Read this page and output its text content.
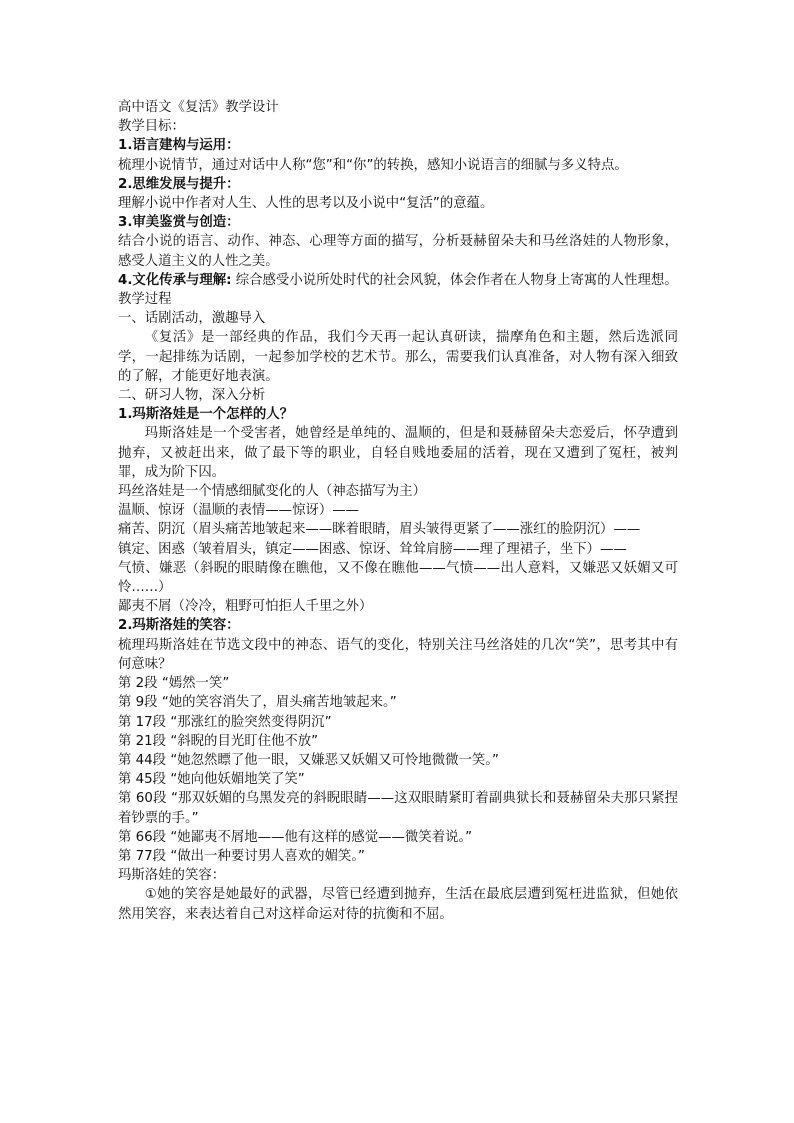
高中语文《复活》教学设计
教学目标：
1.语言建构与运用：
梳理小说情节，通过对话中人称“您”和“你”的转换，感知小说语言的细腻与多义特点。
2.思维发展与提升：
理解小说中作者对人生、人性的思考以及小说中“复活”的意蕴。
3.审美鉴赏与创造：
结合小说的语言、动作、神态、心理等方面的描写，分析聂赫留朵夫和马丝洛娃的人物形象，感受人道主义的人性之美。
4.文化传承与理解: 综合感受小说所处时代的社会风貌，体会作者在人物身上寄寓的人性理想。
教学过程
一、话剧活动，激趣导入
《复活》是一部经典的作品，我们今天再一起认真研读，揣摩角色和主题，然后选派同学，一起排练为话剧，一起参加学校的艺术节。那么，需要我们认真准备，对人物有深入细致的了解，才能更好地表演。
二、研习人物，深入分析
1.玛斯洛娃是一个怎样的人？
玛斯洛娃是一个受害者，她曾经是单纯的、温顺的，但是和聂赫留朵夫恋爱后，怀孕遭到抛弃，又被赶出来，做了最下等的职业，自轻自贱地委屈的活着，现在又遭到了冤枉，被判罪，成为阶下囚。
玛丝洛娃是一个情感细腻变化的人（神态描写为主）
温顺、惊讶（温顺的表情——惊讶）——
痛苦、阴沉（眉头痛苦地皱起来——眯着眼睛，眉头皱得更紧了——涨红的脸阴沉）——
镇定、困惑（皱着眉头，镇定——困惑、惊讶、耸耸肩膀——理了理裙子，坐下）——
气愤、嫌恶（斜睨的眼睛像在瞧他，又不像在瞧他——气愤——出人意料，又嫌恶又妖媚又可怜……）
鄙夷不屑（冷冷，粗野可怕拒人千里之外）
2.玛斯洛娃的笑容：
梳理玛斯洛娃在节选文段中的神态、语气的变化，特别关注马丝洛娃的几次“笑”，思考其中有何意味？
第 2段 “嫣然一笑”
第 9段 “她的笑容消失了，眉头痛苦地皱起来。”
第 17段 “那涨红的脸突然变得阴沉”
第 21段 “斜睨的目光盯住他不放”
第 44段 “她忽然瞟了他一眼，又嫌恶又妖媚又可怜地微微一笑。”
第 45段 “她向他妖媚地笑了笑”
第 60段 “那双妖媚的乌黑发亮的斜睨眼睛——这双眼睛紧盯着副典狱长和聂赫留朵夫那只紧捏着钞票的手。”
第 66段 “她鄙夷不屑地——他有这样的感觉——微笑着说。”
第 77段 “做出一种要讨男人喜欢的媚笑。”
玛斯洛娃的笑容：
①她的笑容是她最好的武器，尽管已经遭到抛弃，生活在最底层遭到冤枉进监狱，但她依然用笑容，来表达着自己对这样命运对待的抗衡和不屈。
